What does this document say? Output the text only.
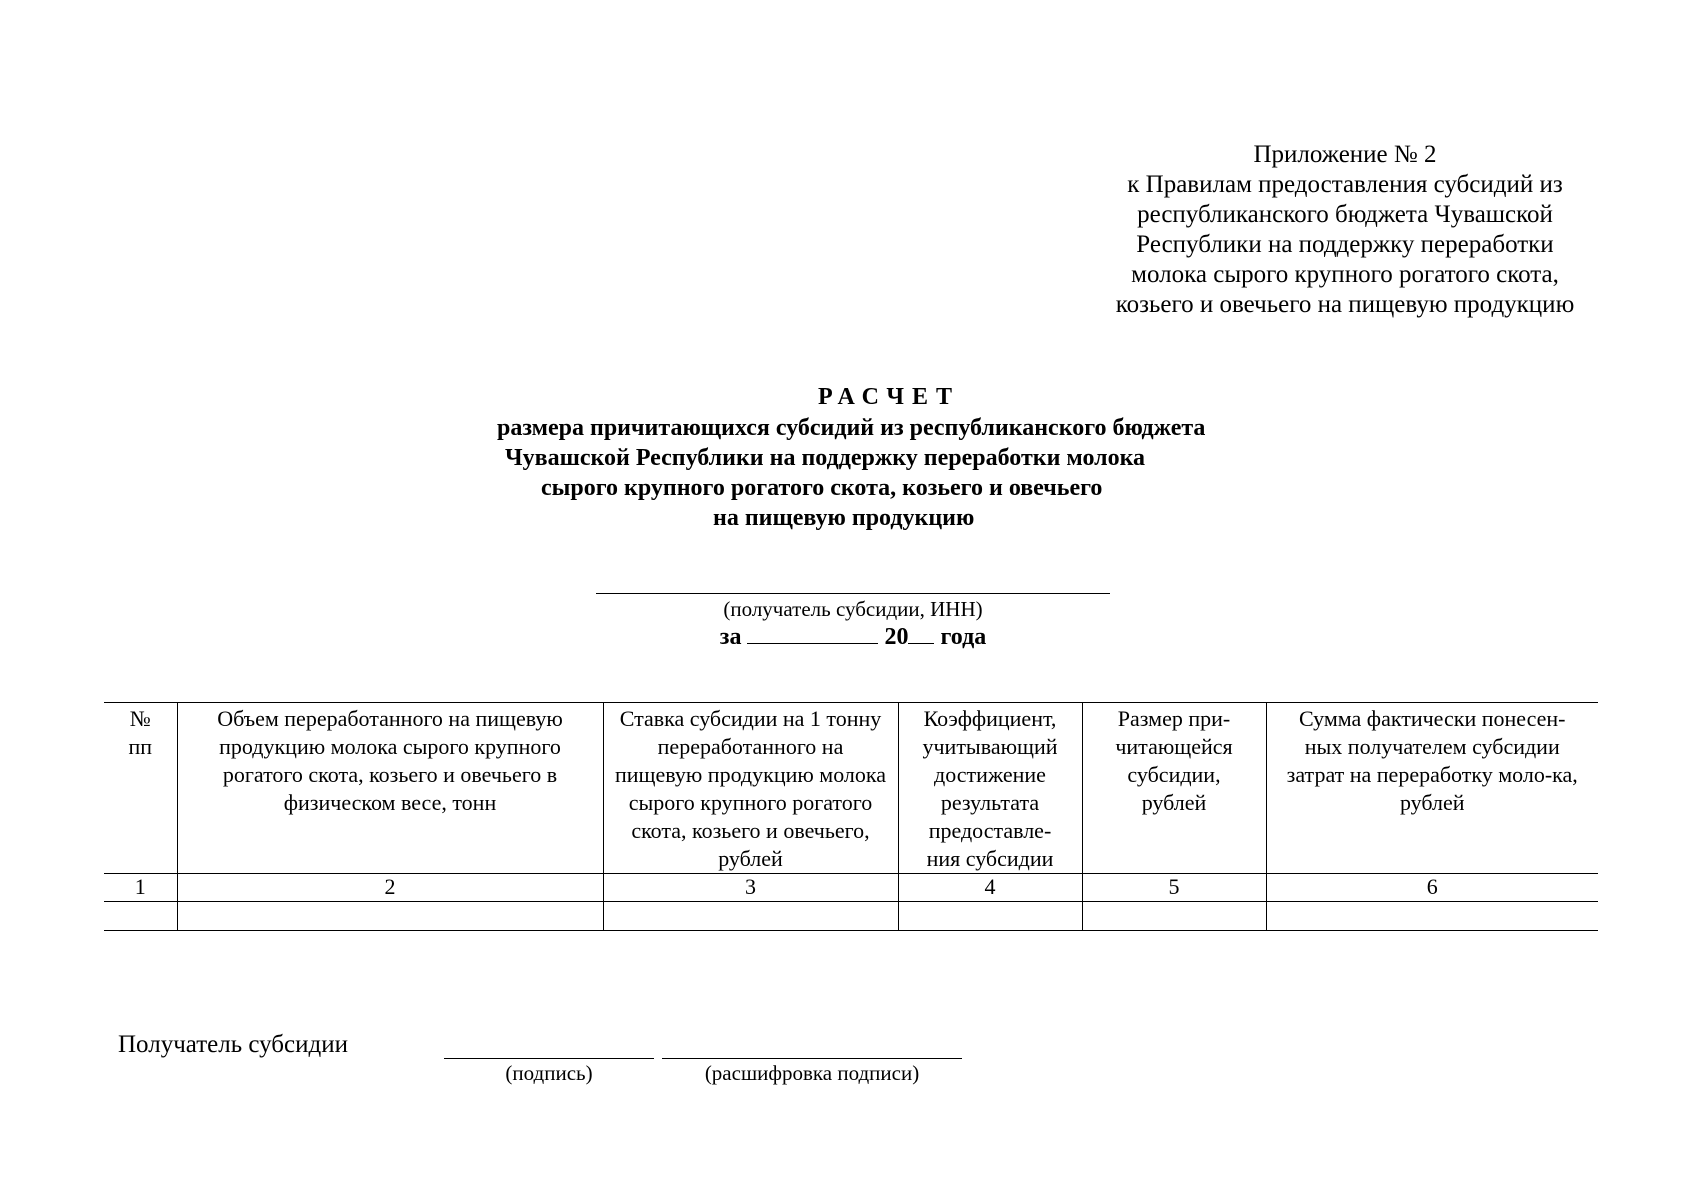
Приложение № 2
к Правилам предоставления субсидий из
республиканского бюджета Чувашской
Республики на поддержку переработки
молока сырого крупного рогатого скота,
козьего и овечьего на пищевую продукцию
РАСЧЕТ
размера причитающихся субсидий из республиканского бюджета
Чувашской Республики на поддержку переработки молока
сырого крупного рогатого скота, козьего и овечьего
на пищевую продукцию
(получатель субсидии, ИНН)
за	20 года
№ пп	Объем переработанного на пищевую продукцию молока сырого крупного рогатого скота, козьего и овечьего в физическом весе, тонн	Ставка субсидии на 1 тонну переработанного на пищевую продукцию молока сырого крупного рогатого скота, козьего и овечьего, рублей	Коэффициент, учитывающий достижение результата предоставле-ния субсидии	Размер при-читающейся субсидии, рублей	Сумма фактически понесен-ных получателем субсидии затрат на переработку моло-ка, рублей
1	2	3	4	5	6

Получатель субсидии
(подпись)	(расшифровка подписи)
